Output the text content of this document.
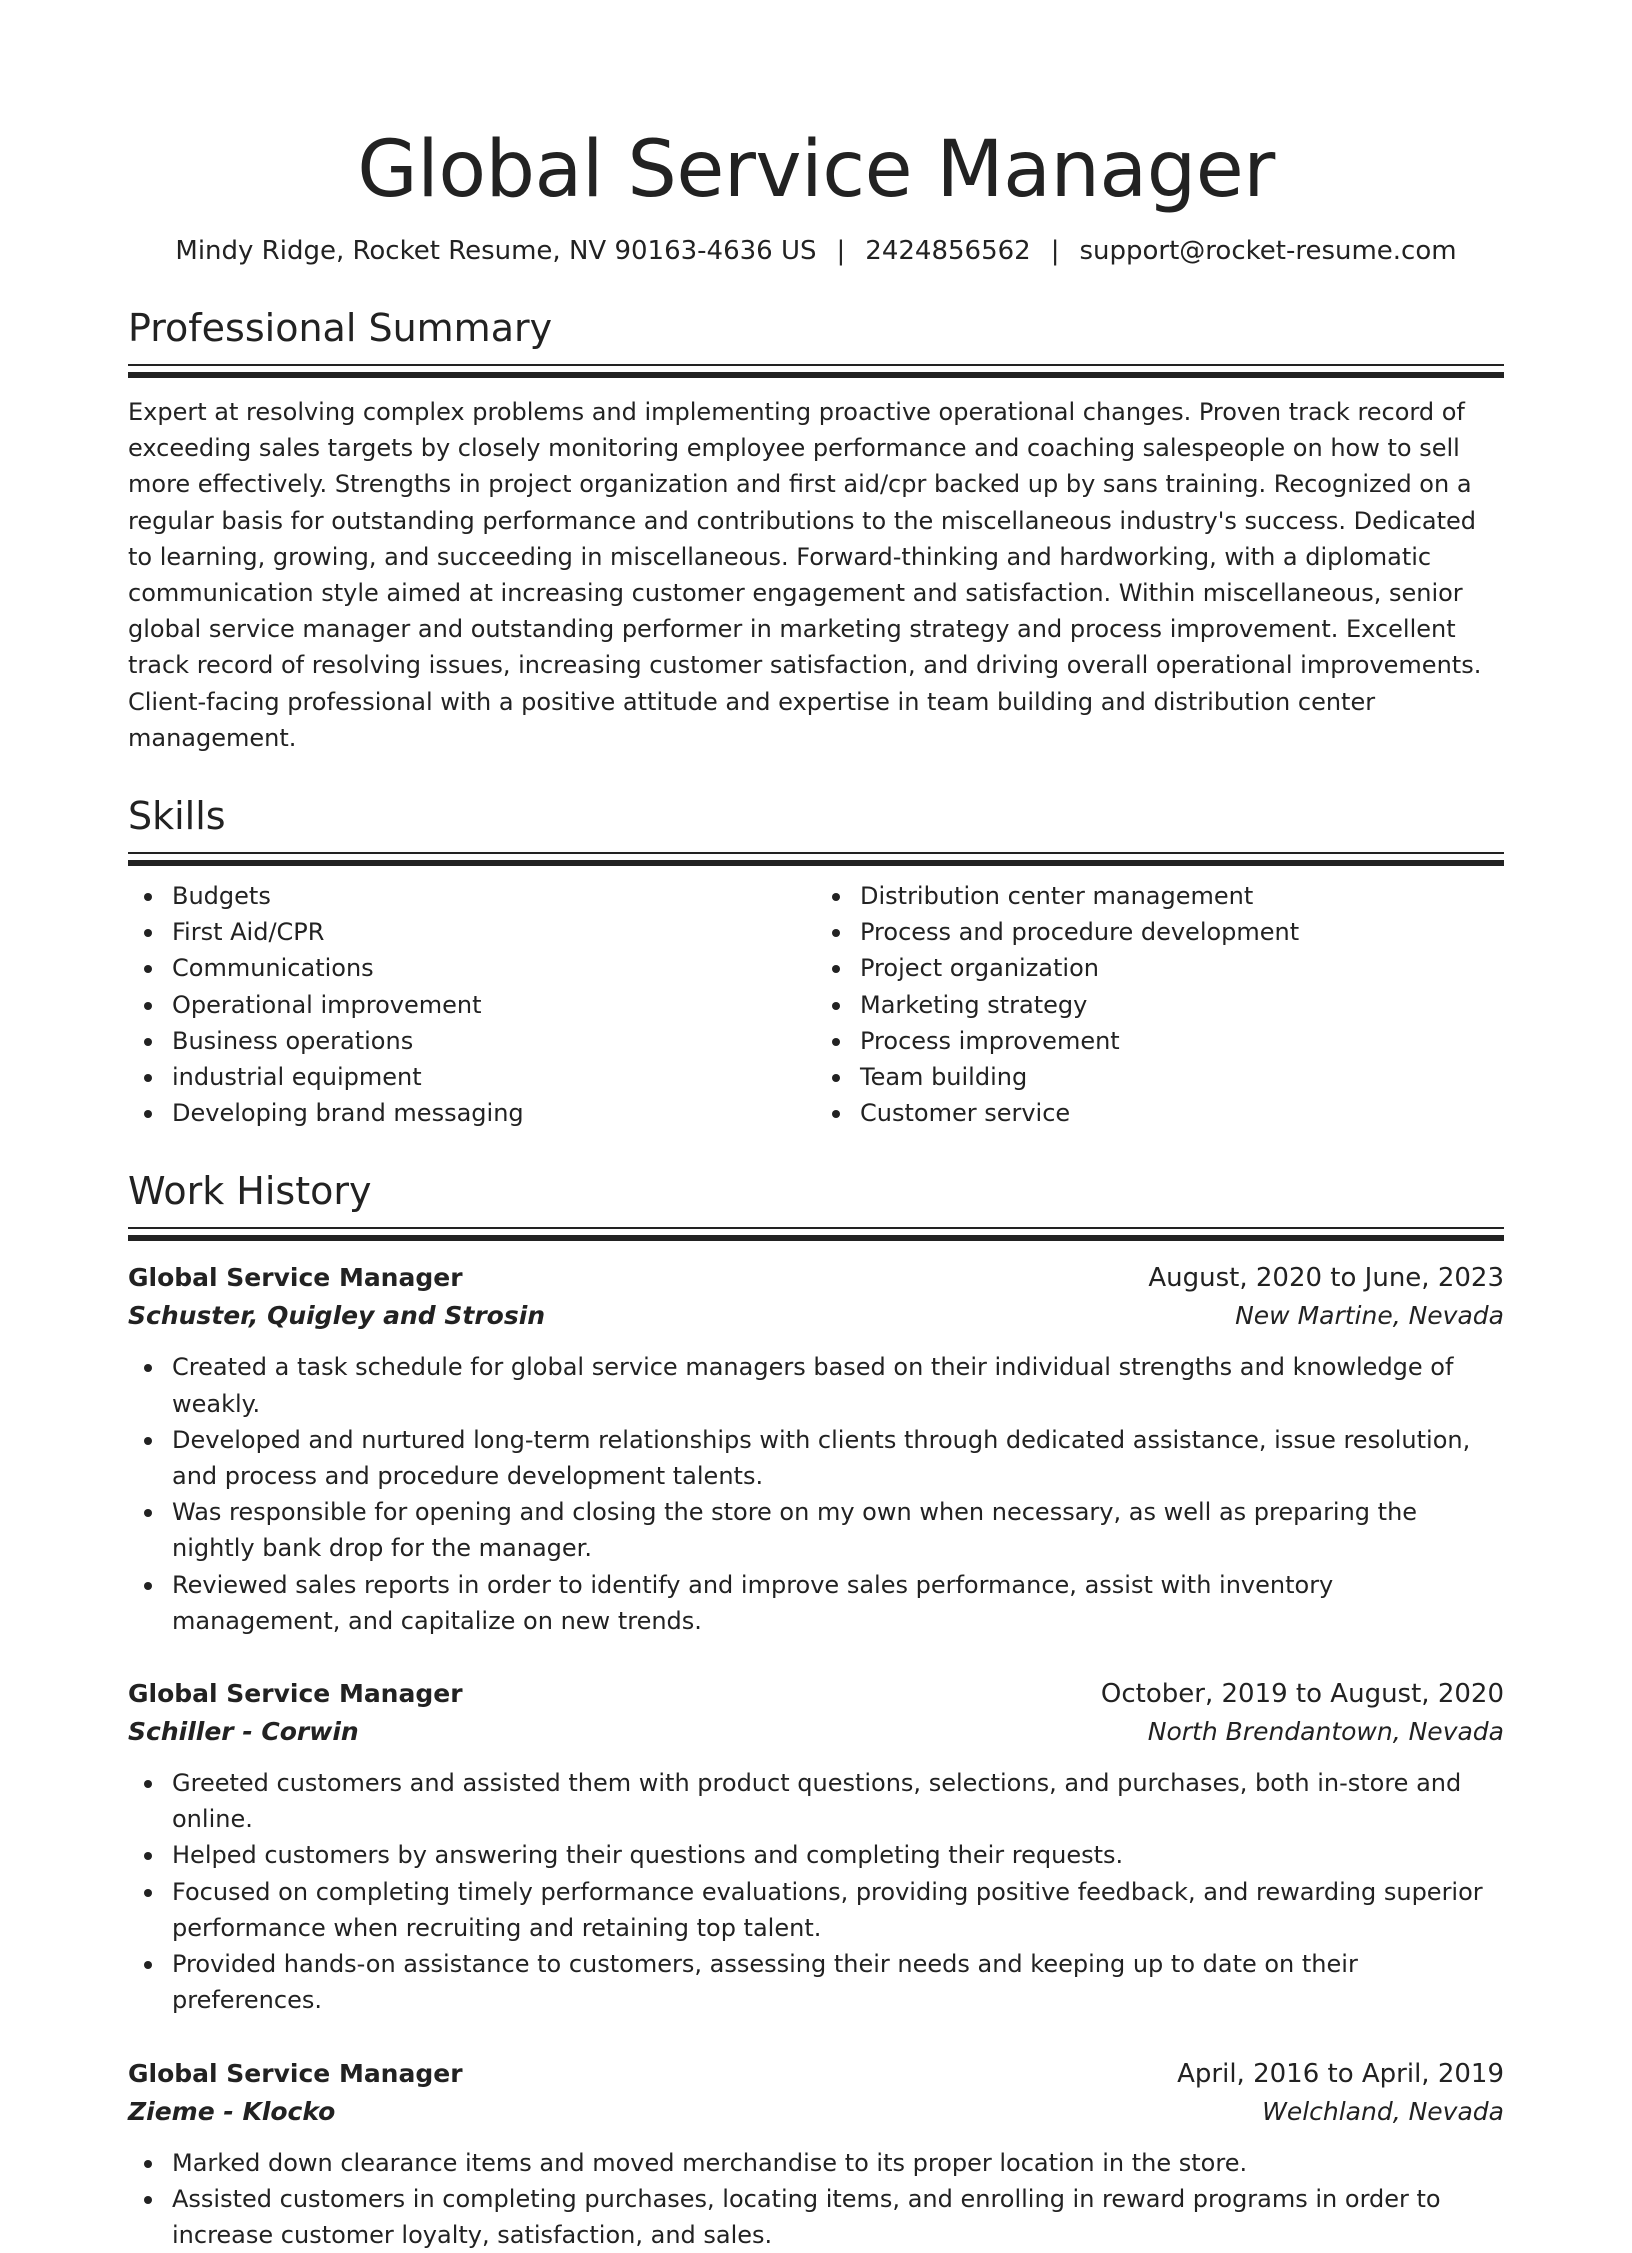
Global Service Manager
Mindy Ridge, Rocket Resume, NV 90163-4636 US | 2424856562 | support@rocket-resume.com
Professional Summary

Expert at resolving complex problems and implementing proactive operational changes. Proven track record of exceeding sales targets by closely monitoring employee performance and coaching salespeople on how to sell more effectively. Strengths in project organization and first aid/cpr backed up by sans training. Recognized on a regular basis for outstanding performance and contributions to the miscellaneous industry's success. Dedicated to learning, growing, and succeeding in miscellaneous. Forward-thinking and hardworking, with a diplomatic communication style aimed at increasing customer engagement and satisfaction. Within miscellaneous, senior global service manager and outstanding performer in marketing strategy and process improvement. Excellent track record of resolving issues, increasing customer satisfaction, and driving overall operational improvements. Client-facing professional with a positive attitude and expertise in team building and distribution center management.

Skills
Budgets
First Aid/CPR
Communications
Operational improvement
Business operations
industrial equipment
Developing brand messaging
Distribution center management
Process and procedure development
Project organization
Marketing strategy
Process improvement
Team building
Customer service
Work History
Global Service Manager	August, 2020 to June, 2023
Schuster, Quigley and Strosin	New Martine, Nevada
Created a task schedule for global service managers based on their individual strengths and knowledge of weakly.
Developed and nurtured long-term relationships with clients through dedicated assistance, issue resolution, and process and procedure development talents.
Was responsible for opening and closing the store on my own when necessary, as well as preparing the nightly bank drop for the manager.
Reviewed sales reports in order to identify and improve sales performance, assist with inventory management, and capitalize on new trends.
Global Service Manager	October, 2019 to August, 2020
Schiller - Corwin	North Brendantown, Nevada
Greeted customers and assisted them with product questions, selections, and purchases, both in-store and online.
Helped customers by answering their questions and completing their requests.
Focused on completing timely performance evaluations, providing positive feedback, and rewarding superior performance when recruiting and retaining top talent.
Provided hands-on assistance to customers, assessing their needs and keeping up to date on their preferences.
Global Service Manager	April, 2016 to April, 2019
Zieme - Klocko	Welchland, Nevada
Marked down clearance items and moved merchandise to its proper location in the store.
Assisted customers in completing purchases, locating items, and enrolling in reward programs in order to increase customer loyalty, satisfaction, and sales.
